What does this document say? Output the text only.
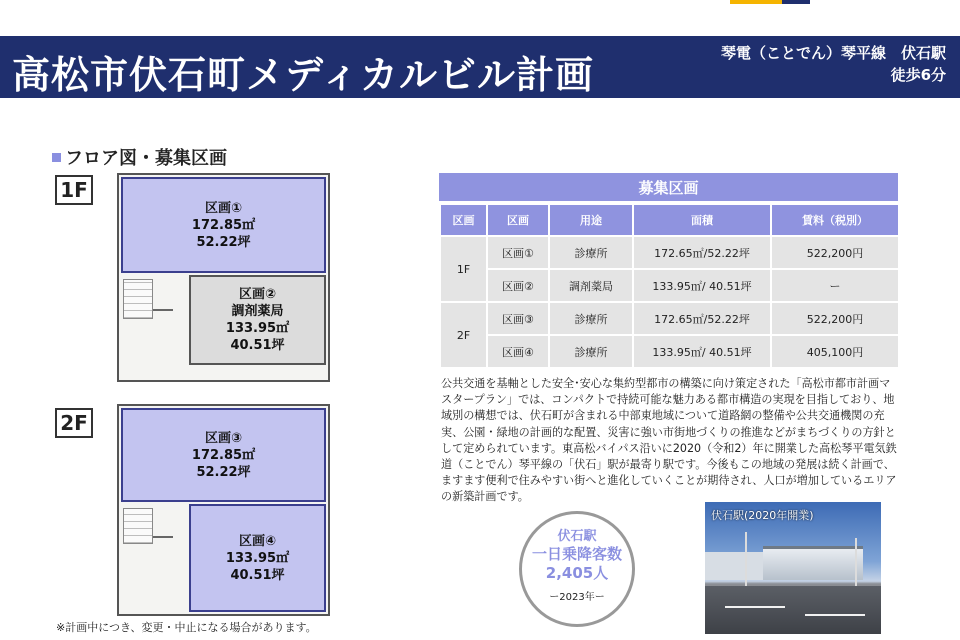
高松市伏石町メディカルビル計画	琴電（ことでん）琴平線　伏石駅
徒歩6分
フロア図・募集区画
1F
区画①
172.85㎡
52.22坪
区画②
調剤薬局
133.95㎡
40.51坪
2F
区画③
172.85㎡
52.22坪
区画④
133.95㎡
40.51坪
※計画中につき、変更・中止になる場合があります。
募集区画
区画	区画	用途	面積	賃料（税別）
1F	区画①	診療所	172.65㎡/52.22坪	522,200円
	区画②	調剤薬局	133.95㎡/ 40.51坪	ー
2F	区画③	診療所	172.65㎡/52.22坪	522,200円
	区画④	診療所	133.95㎡/ 40.51坪	405,100円
公共交通を基軸とした安全･安心な集約型都市の構築に向け策定された「高松市都市計画マスタープラン」では、コンパクトで持続可能な魅力ある都市構造の実現を目指しており、地域別の構想では、伏石町が含まれる中部東地域について道路網の整備や公共交通機関の充実、公園・緑地の計画的な配置、災害に強い市街地づくりの推進などがまちづくりの方針として定められています。東高松バイパス沿いに2020（令和2）年に開業した高松琴平電気鉄道（ことでん）琴平線の「伏石」駅が最寄り駅です。今後もこの地域の発展は続く計画で、ますます便利で住みやすい街へと進化していくことが期待され、人口が増加しているエリアの新築計画です。
伏石駅
一日乗降客数
2,405人
ー2023年ー
伏石駅(2020年開業)
